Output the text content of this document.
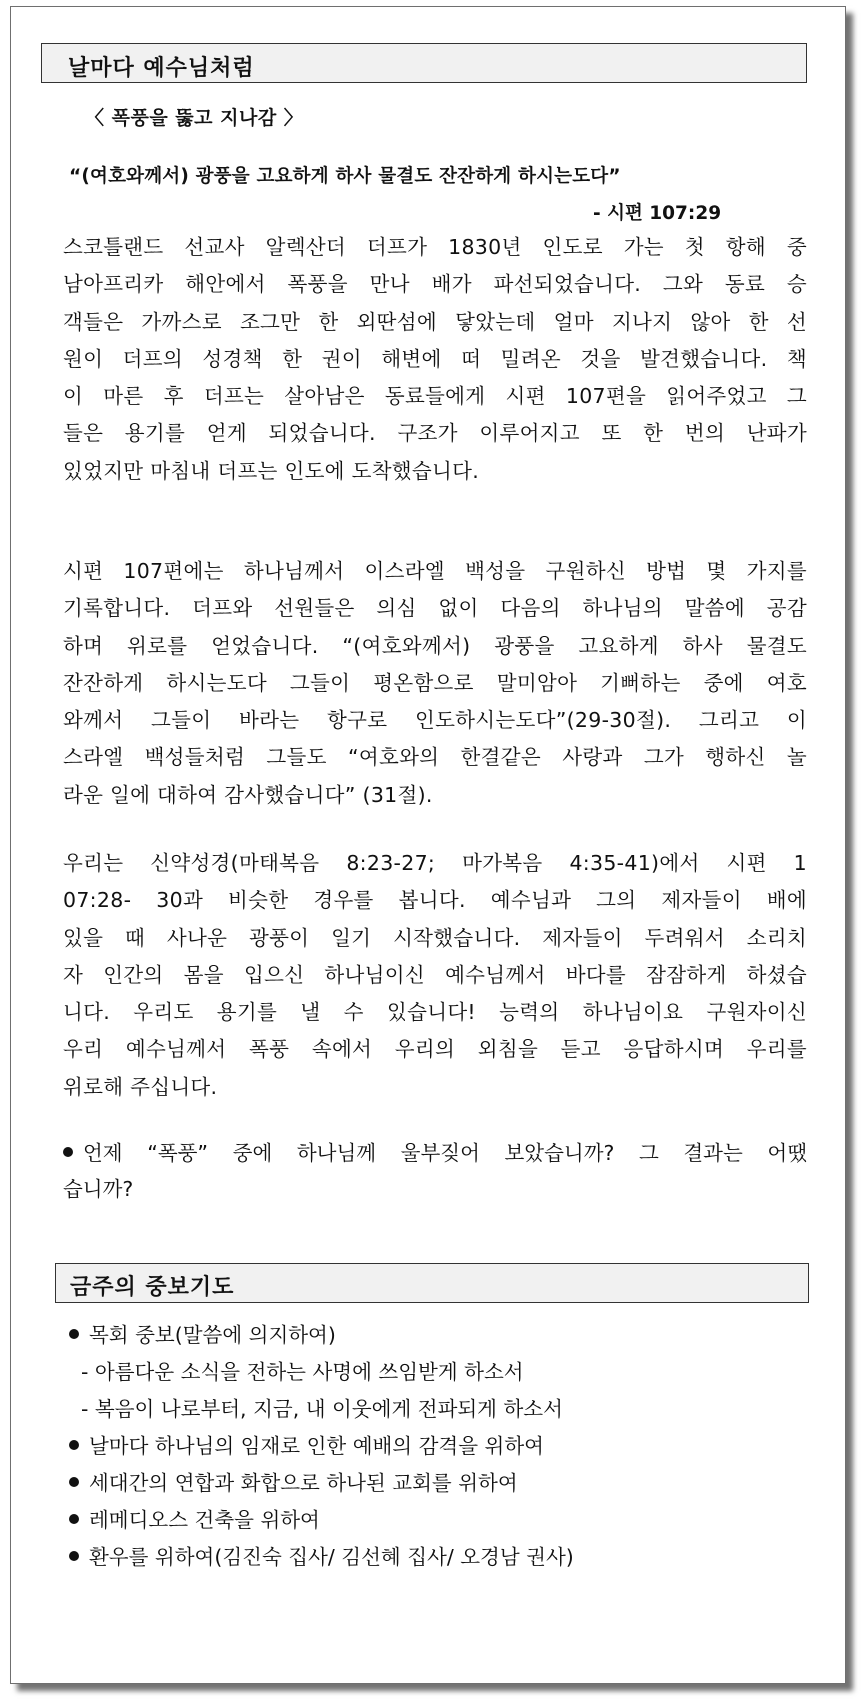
날마다 예수님처럼
〈 폭풍을 뚫고 지나감 〉
“(여호와께서) 광풍을 고요하게 하사 물결도 잔잔하게 하시는도다”
- 시편 107:29
스코틀랜드 선교사 알렉산더 더프가 1830년 인도로 가는 첫 항해 중
남아프리카 해안에서 폭풍을 만나 배가 파선되었습니다. 그와 동료 승
객들은 가까스로 조그만 한 외딴섬에 닿았는데 얼마 지나지 않아 한 선
원이 더프의 성경책 한 권이 해변에 떠 밀려온 것을 발견했습니다. 책
이 마른 후 더프는 살아남은 동료들에게 시편 107편을 읽어주었고 그
들은 용기를 얻게 되었습니다. 구조가 이루어지고 또 한 번의 난파가
있었지만 마침내 더프는 인도에 도착했습니다.
시편 107편에는 하나님께서 이스라엘 백성을 구원하신 방법 몇 가지를
기록합니다. 더프와 선원들은 의심 없이 다음의 하나님의 말씀에 공감
하며 위로를 얻었습니다. “(여호와께서) 광풍을 고요하게 하사 물결도
잔잔하게 하시는도다 그들이 평온함으로 말미암아 기뻐하는 중에 여호
와께서 그들이 바라는 항구로 인도하시는도다”(29-30절). 그리고 이
스라엘 백성들처럼 그들도 “여호와의 한결같은 사랑과 그가 행하신 놀
라운 일에 대하여 감사했습니다” (31절).
우리는 신약성경(마태복음 8:23-27; 마가복음 4:35-41)에서 시편 1
07:28- 30과 비슷한 경우를 봅니다. 예수님과 그의 제자들이 배에
있을 때 사나운 광풍이 일기 시작했습니다. 제자들이 두려워서 소리치
자 인간의 몸을 입으신 하나님이신 예수님께서 바다를 잠잠하게 하셨습
니다. 우리도 용기를 낼 수 있습니다! 능력의 하나님이요 구원자이신
우리 예수님께서 폭풍 속에서 우리의 외침을 듣고 응답하시며 우리를
위로해 주십니다.
언제 “폭풍” 중에 하나님께 울부짖어 보았습니까? 그 결과는 어땠
습니까?
금주의 중보기도
목회 중보(말씀에 의지하여)
- 아름다운 소식을 전하는 사명에 쓰임받게 하소서
- 복음이 나로부터, 지금, 내 이웃에게 전파되게 하소서
날마다 하나님의 임재로 인한 예배의 감격을 위하여
세대간의 연합과 화합으로 하나된 교회를 위하여
레메디오스 건축을 위하여
환우를 위하여(김진숙 집사/ 김선혜 집사/ 오경남 권사)
